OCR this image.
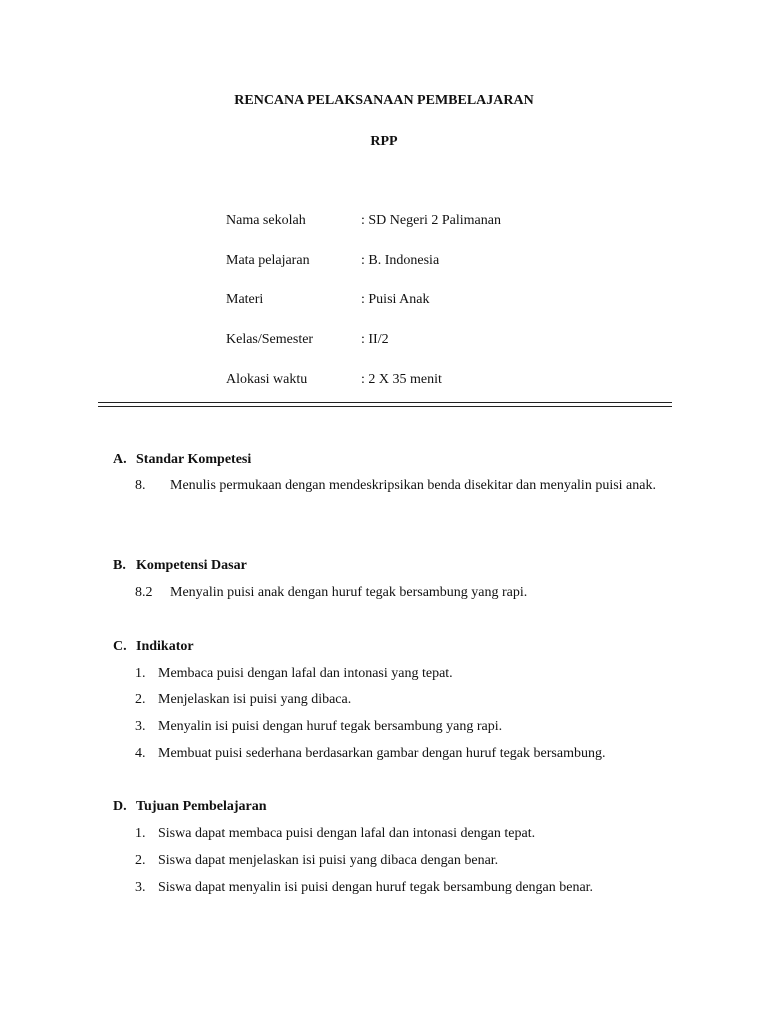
RENCANA PELAKSANAAN PEMBELAJARAN
RPP
Nama sekolah	: SD Negeri 2 Palimanan
Mata pelajaran	: B. Indonesia
Materi	: Puisi Anak
Kelas/Semester	: II/2
Alokasi waktu	: 2 X 35 menit
A. Standar Kompetesi
8. Menulis permukaan dengan mendeskripsikan benda disekitar dan menyalin puisi anak.
B. Kompetensi Dasar
8.2 Menyalin puisi anak dengan huruf tegak bersambung yang rapi.
C. Indikator
1. Membaca puisi dengan lafal dan intonasi yang tepat.
2. Menjelaskan isi puisi yang dibaca.
3. Menyalin isi puisi dengan huruf tegak bersambung yang rapi.
4. Membuat puisi sederhana berdasarkan gambar dengan huruf tegak bersambung.
D. Tujuan Pembelajaran
1. Siswa dapat membaca puisi dengan lafal dan intonasi dengan tepat.
2. Siswa dapat menjelaskan isi puisi yang dibaca dengan benar.
3. Siswa dapat menyalin isi puisi dengan huruf tegak bersambung dengan benar.
